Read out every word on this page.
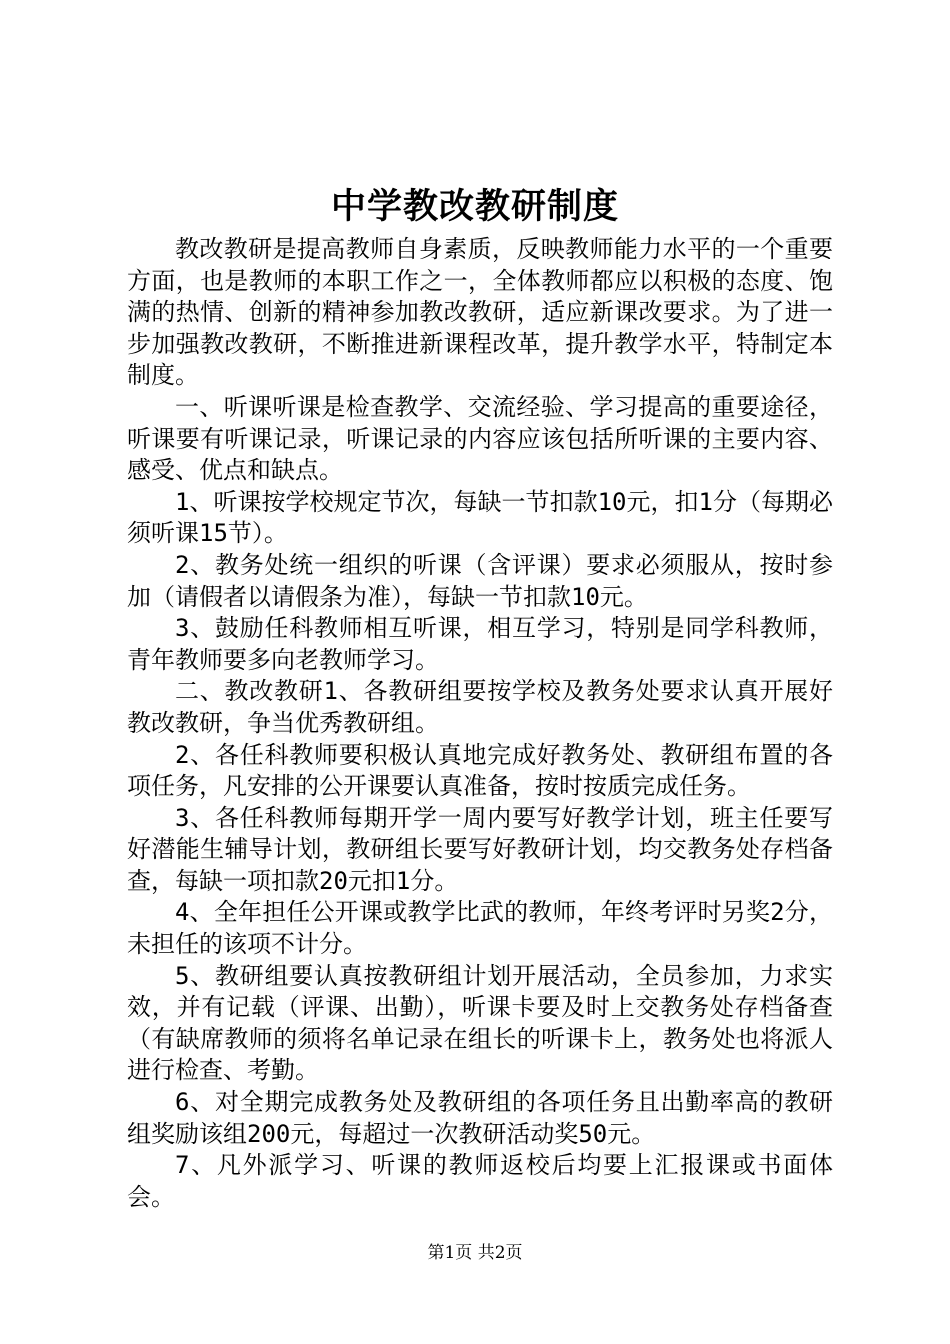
中学教改教研制度

教改教研是提高教师自身素质，反映教师能力水平的一个重要方面，也是教师的本职工作之一，全体教师都应以积极的态度、饱满的热情、创新的精神参加教改教研，适应新课改要求。为了进一步加强教改教研，不断推进新课程改革，提升教学水平，特制定本制度。

一、听课听课是检查教学、交流经验、学习提高的重要途径，听课要有听课记录，听课记录的内容应该包括所听课的主要内容、感受、优点和缺点。

1、听课按学校规定节次，每缺一节扣款10元，扣1分（每期必须听课15节）。

2、教务处统一组织的听课（含评课）要求必须服从，按时参加（请假者以请假条为准），每缺一节扣款10元。

3、鼓励任科教师相互听课，相互学习，特别是同学科教师，青年教师要多向老教师学习。

二、教改教研1、各教研组要按学校及教务处要求认真开展好教改教研，争当优秀教研组。

2、各任科教师要积极认真地完成好教务处、教研组布置的各项任务，凡安排的公开课要认真准备，按时按质完成任务。

3、各任科教师每期开学一周内要写好教学计划，班主任要写好潜能生辅导计划，教研组长要写好教研计划，均交教务处存档备查，每缺一项扣款20元扣1分。

4、全年担任公开课或教学比武的教师，年终考评时另奖2分，未担任的该项不计分。

5、教研组要认真按教研组计划开展活动，全员参加，力求实效，并有记载（评课、出勤），听课卡要及时上交教务处存档备查（有缺席教师的须将名单记录在组长的听课卡上，教务处也将派人进行检查、考勤。

6、对全期完成教务处及教研组的各项任务且出勤率高的教研组奖励该组200元，每超过一次教研活动奖50元。

7、凡外派学习、听课的教师返校后均要上汇报课或书面体会。

第1页 共2页
